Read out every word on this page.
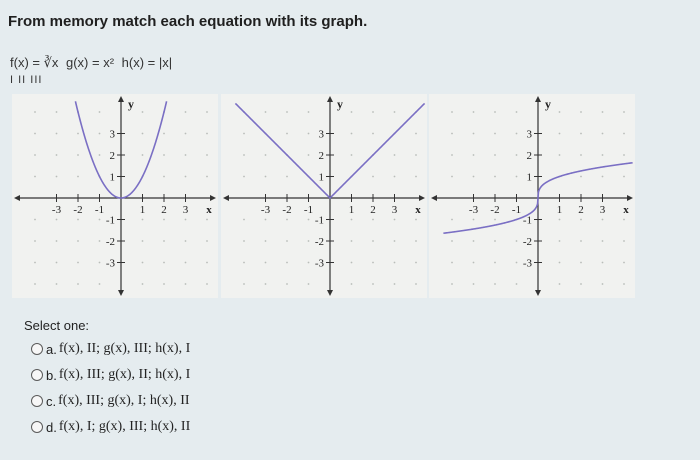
From memory match each equation with its graph.
f(x) = ∛x g(x) = x² h(x) = |x|
I II III
-3 -2 -1	1 2 3 x
3
2
1
-1
-2
-3
y
-3 -2 -1	1 2 3 x
3
2
1
-1
-2
-3
y
-3 -2 -1	1 2 3 x
3
2
1
-1
-2
-3
y
Select one:
a. f(x), II; g(x), III; h(x), I
b. f(x), III; g(x), II; h(x), I
c. f(x), III; g(x), I; h(x), II
d. f(x), I; g(x), III; h(x), II
